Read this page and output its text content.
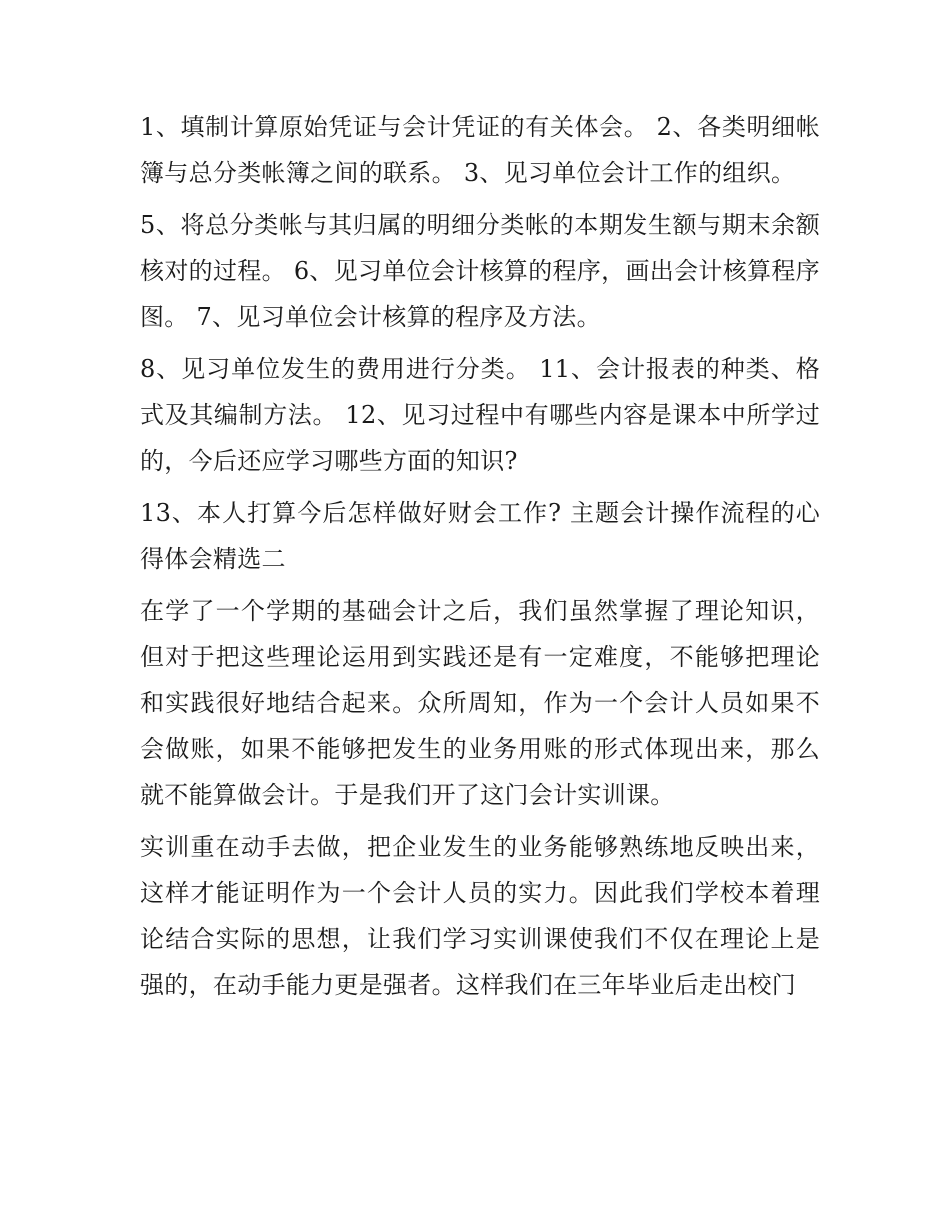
1、填制计算原始凭证与会计凭证的有关体会。 2、各类明细帐簿与总分类帐簿之间的联系。 3、见习单位会计工作的组织。

5、将总分类帐与其归属的明细分类帐的本期发生额与期末余额核对的过程。 6、见习单位会计核算的程序，画出会计核算程序图。 7、见习单位会计核算的程序及方法。

8、见习单位发生的费用进行分类。 11、会计报表的种类、格式及其编制方法。 12、见习过程中有哪些内容是课本中所学过的，今后还应学习哪些方面的知识?

13、本人打算今后怎样做好财会工作? 主题会计操作流程的心得体会精选二

在学了一个学期的基础会计之后，我们虽然掌握了理论知识，但对于把这些理论运用到实践还是有一定难度，不能够把理论和实践很好地结合起来。众所周知，作为一个会计人员如果不会做账，如果不能够把发生的业务用账的形式体现出来，那么就不能算做会计。于是我们开了这门会计实训课。

实训重在动手去做，把企业发生的业务能够熟练地反映出来，这样才能证明作为一个会计人员的实力。因此我们学校本着理论结合实际的思想，让我们学习实训课使我们不仅在理论上是强的，在动手能力更是强者。这样我们在三年毕业后走出校门
